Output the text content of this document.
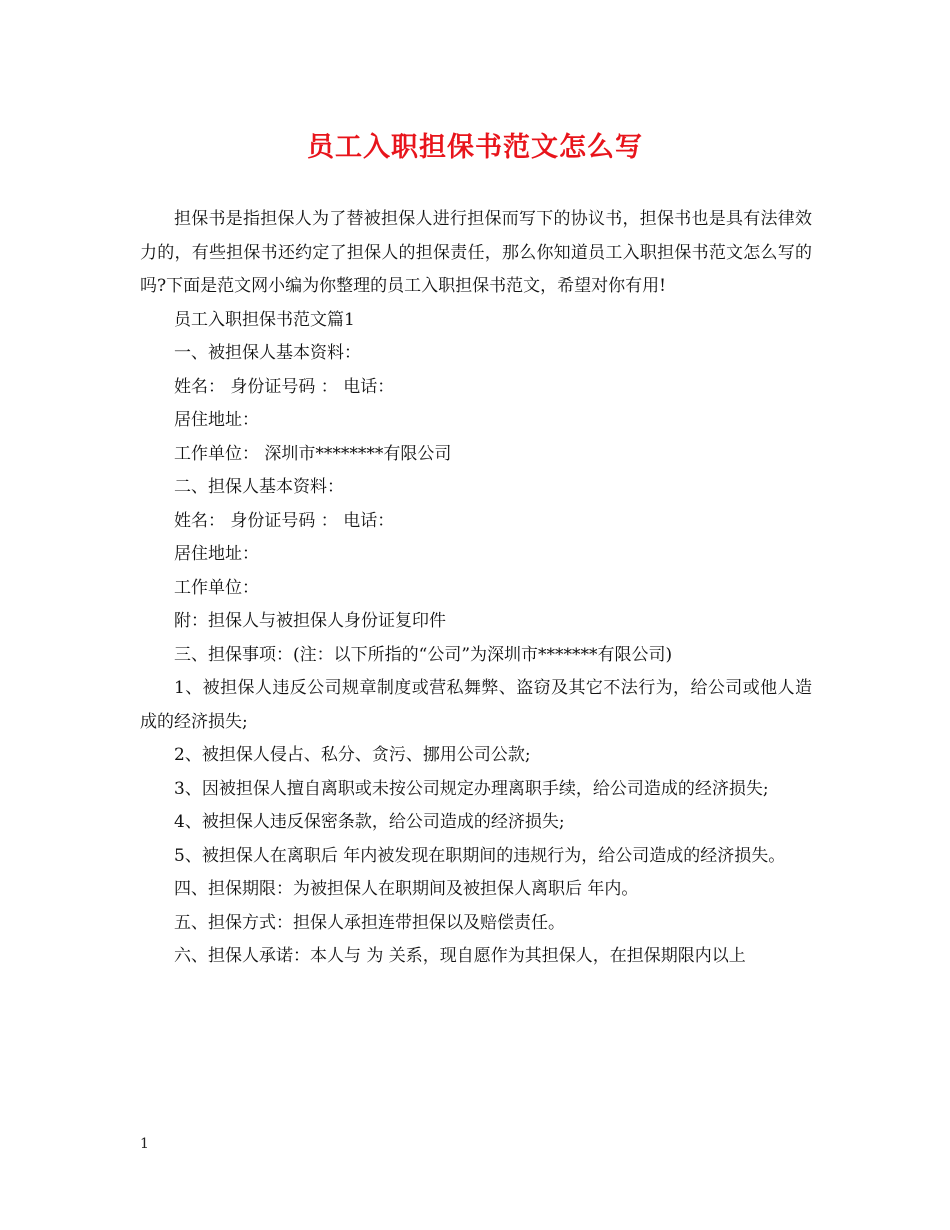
员工入职担保书范文怎么写

担保书是指担保人为了替被担保人进行担保而写下的协议书，担保书也是具有法律效力的，有些担保书还约定了担保人的担保责任，那么你知道员工入职担保书范文怎么写的吗?下面是范文网小编为你整理的员工入职担保书范文，希望对你有用!

员工入职担保书范文篇1

一、被担保人基本资料：

姓名： 身份证号码 ： 电话：

居住地址：

工作单位： 深圳市********有限公司

二、担保人基本资料：

姓名： 身份证号码 ： 电话：

居住地址：

工作单位：

附：担保人与被担保人身份证复印件

三、担保事项：(注：以下所指的“公司”为深圳市*******有限公司)

1、被担保人违反公司规章制度或营私舞弊、盗窃及其它不法行为，给公司或他人造成的经济损失;

2、被担保人侵占、私分、贪污、挪用公司公款;

3、因被担保人擅自离职或未按公司规定办理离职手续，给公司造成的经济损失;

4、被担保人违反保密条款，给公司造成的经济损失;

5、被担保人在离职后 年内被发现在职期间的违规行为，给公司造成的经济损失。

四、担保期限：为被担保人在职期间及被担保人离职后 年内。

五、担保方式：担保人承担连带担保以及赔偿责任。

六、担保人承诺：本人与 为 关系，现自愿作为其担保人，在担保期限内以上

1
